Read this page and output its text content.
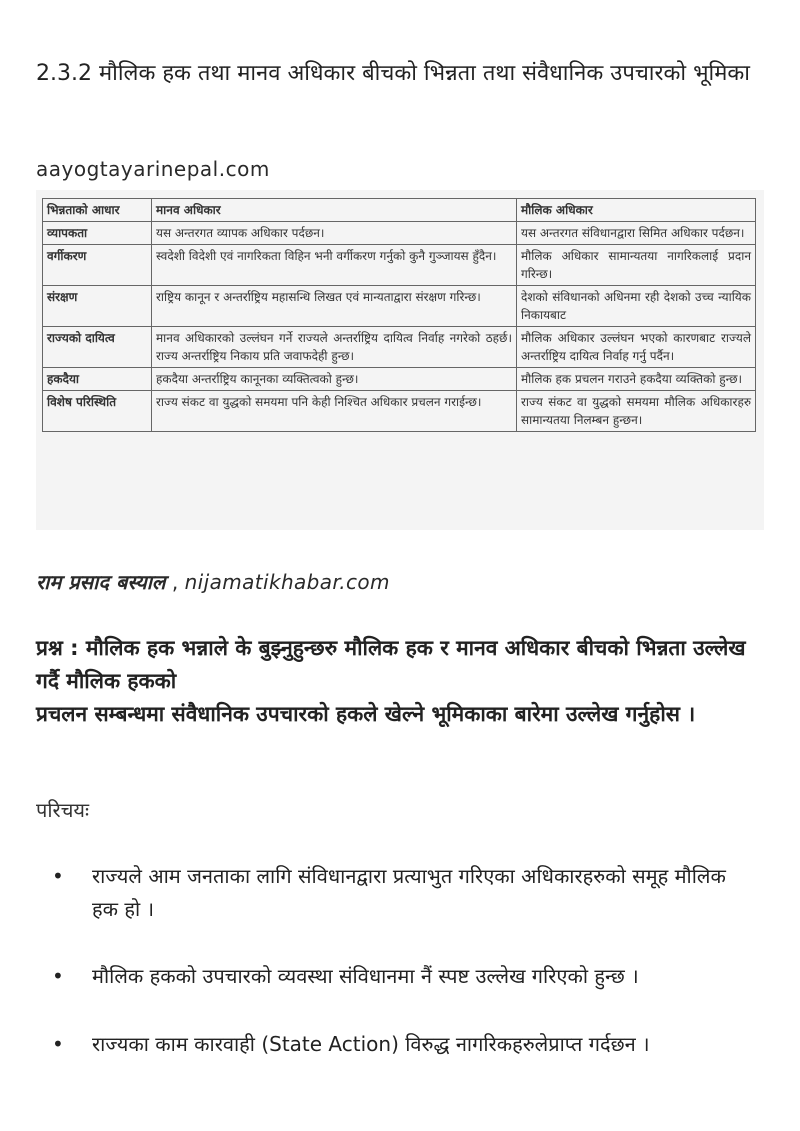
2.3.2 मौलिक हक तथा मानव अधिकार बीचको भिन्नता तथा संवैधानिक उपचारको भूमिका
aayogtayarinepal.com
भिन्नताको आधार	मानव अधिकार	मौलिक अधिकार
व्यापकता	यस अन्तरगत व्यापक अधिकार पर्दछन।	यस अन्तरगत संविधानद्वारा सिमित अधिकार पर्दछन।
वर्गीकरण	स्वदेशी विदेशी एवं नागरिकता विहिन भनी वर्गीकरण गर्नुको कुनै गुञ्जायस हुँदैन।	मौलिक अधिकार सामान्यतया नागरिकलाई प्रदान गरिन्छ।
संरक्षण	राष्ट्रिय कानून र अन्तर्राष्ट्रिय महासन्धि लिखत एवं मान्यताद्वारा संरक्षण गरिन्छ।	देशको संविधानको अधिनमा रही देशको उच्च न्यायिक निकायबाट
राज्यको दायित्व	मानव अधिकारको उल्लंघन गर्ने राज्यले अन्तर्राष्ट्रिय दायित्व निर्वाह नगरेको ठहर्छ।राज्य अन्तर्राष्ट्रिय निकाय प्रति जवाफदेही हुन्छ।	मौलिक अधिकार उल्लंघन भएको कारणबाट राज्यले अन्तर्राष्ट्रिय दायित्व निर्वाह गर्नु पर्दैन।
हकदैया	हकदैया अन्तर्राष्ट्रिय कानूनका व्यक्तित्वको हुन्छ।	मौलिक हक प्रचलन गराउने हकदैया व्यक्तिको हुन्छ।
विशेष परिस्थिति	राज्य संकट वा युद्धको समयमा पनि केही निश्चित अधिकार प्रचलन गराईन्छ।	राज्य संकट वा युद्धको समयमा मौलिक अधिकारहरु सामान्यतया निलम्बन हुन्छन।
राम प्रसाद बस्याल , nijamatikhabar.com
प्रश्न : मौलिक हक भन्नाले के बुझ्नुहुन्छरु मौलिक हक र मानव अधिकार बीचको भिन्नता उल्लेख गर्दै मौलिक हकको
प्रचलन सम्बन्धमा संवैधानिक उपचारको हकले खेल्ने भूमिकाका बारेमा उल्लेख गर्नुहोस ।
परिचयः
• राज्यले आम जनताका लागि संविधानद्वारा प्रत्याभुत गरिएका अधिकारहरुको समूह मौलिक हक हो ।
• मौलिक हकको उपचारको व्यवस्था संविधानमा नैं स्पष्ट उल्लेख गरिएको हुन्छ ।
• राज्यका काम कारवाही (State Action) विरुद्ध नागरिकहरुलेप्राप्त गर्दछन ।
